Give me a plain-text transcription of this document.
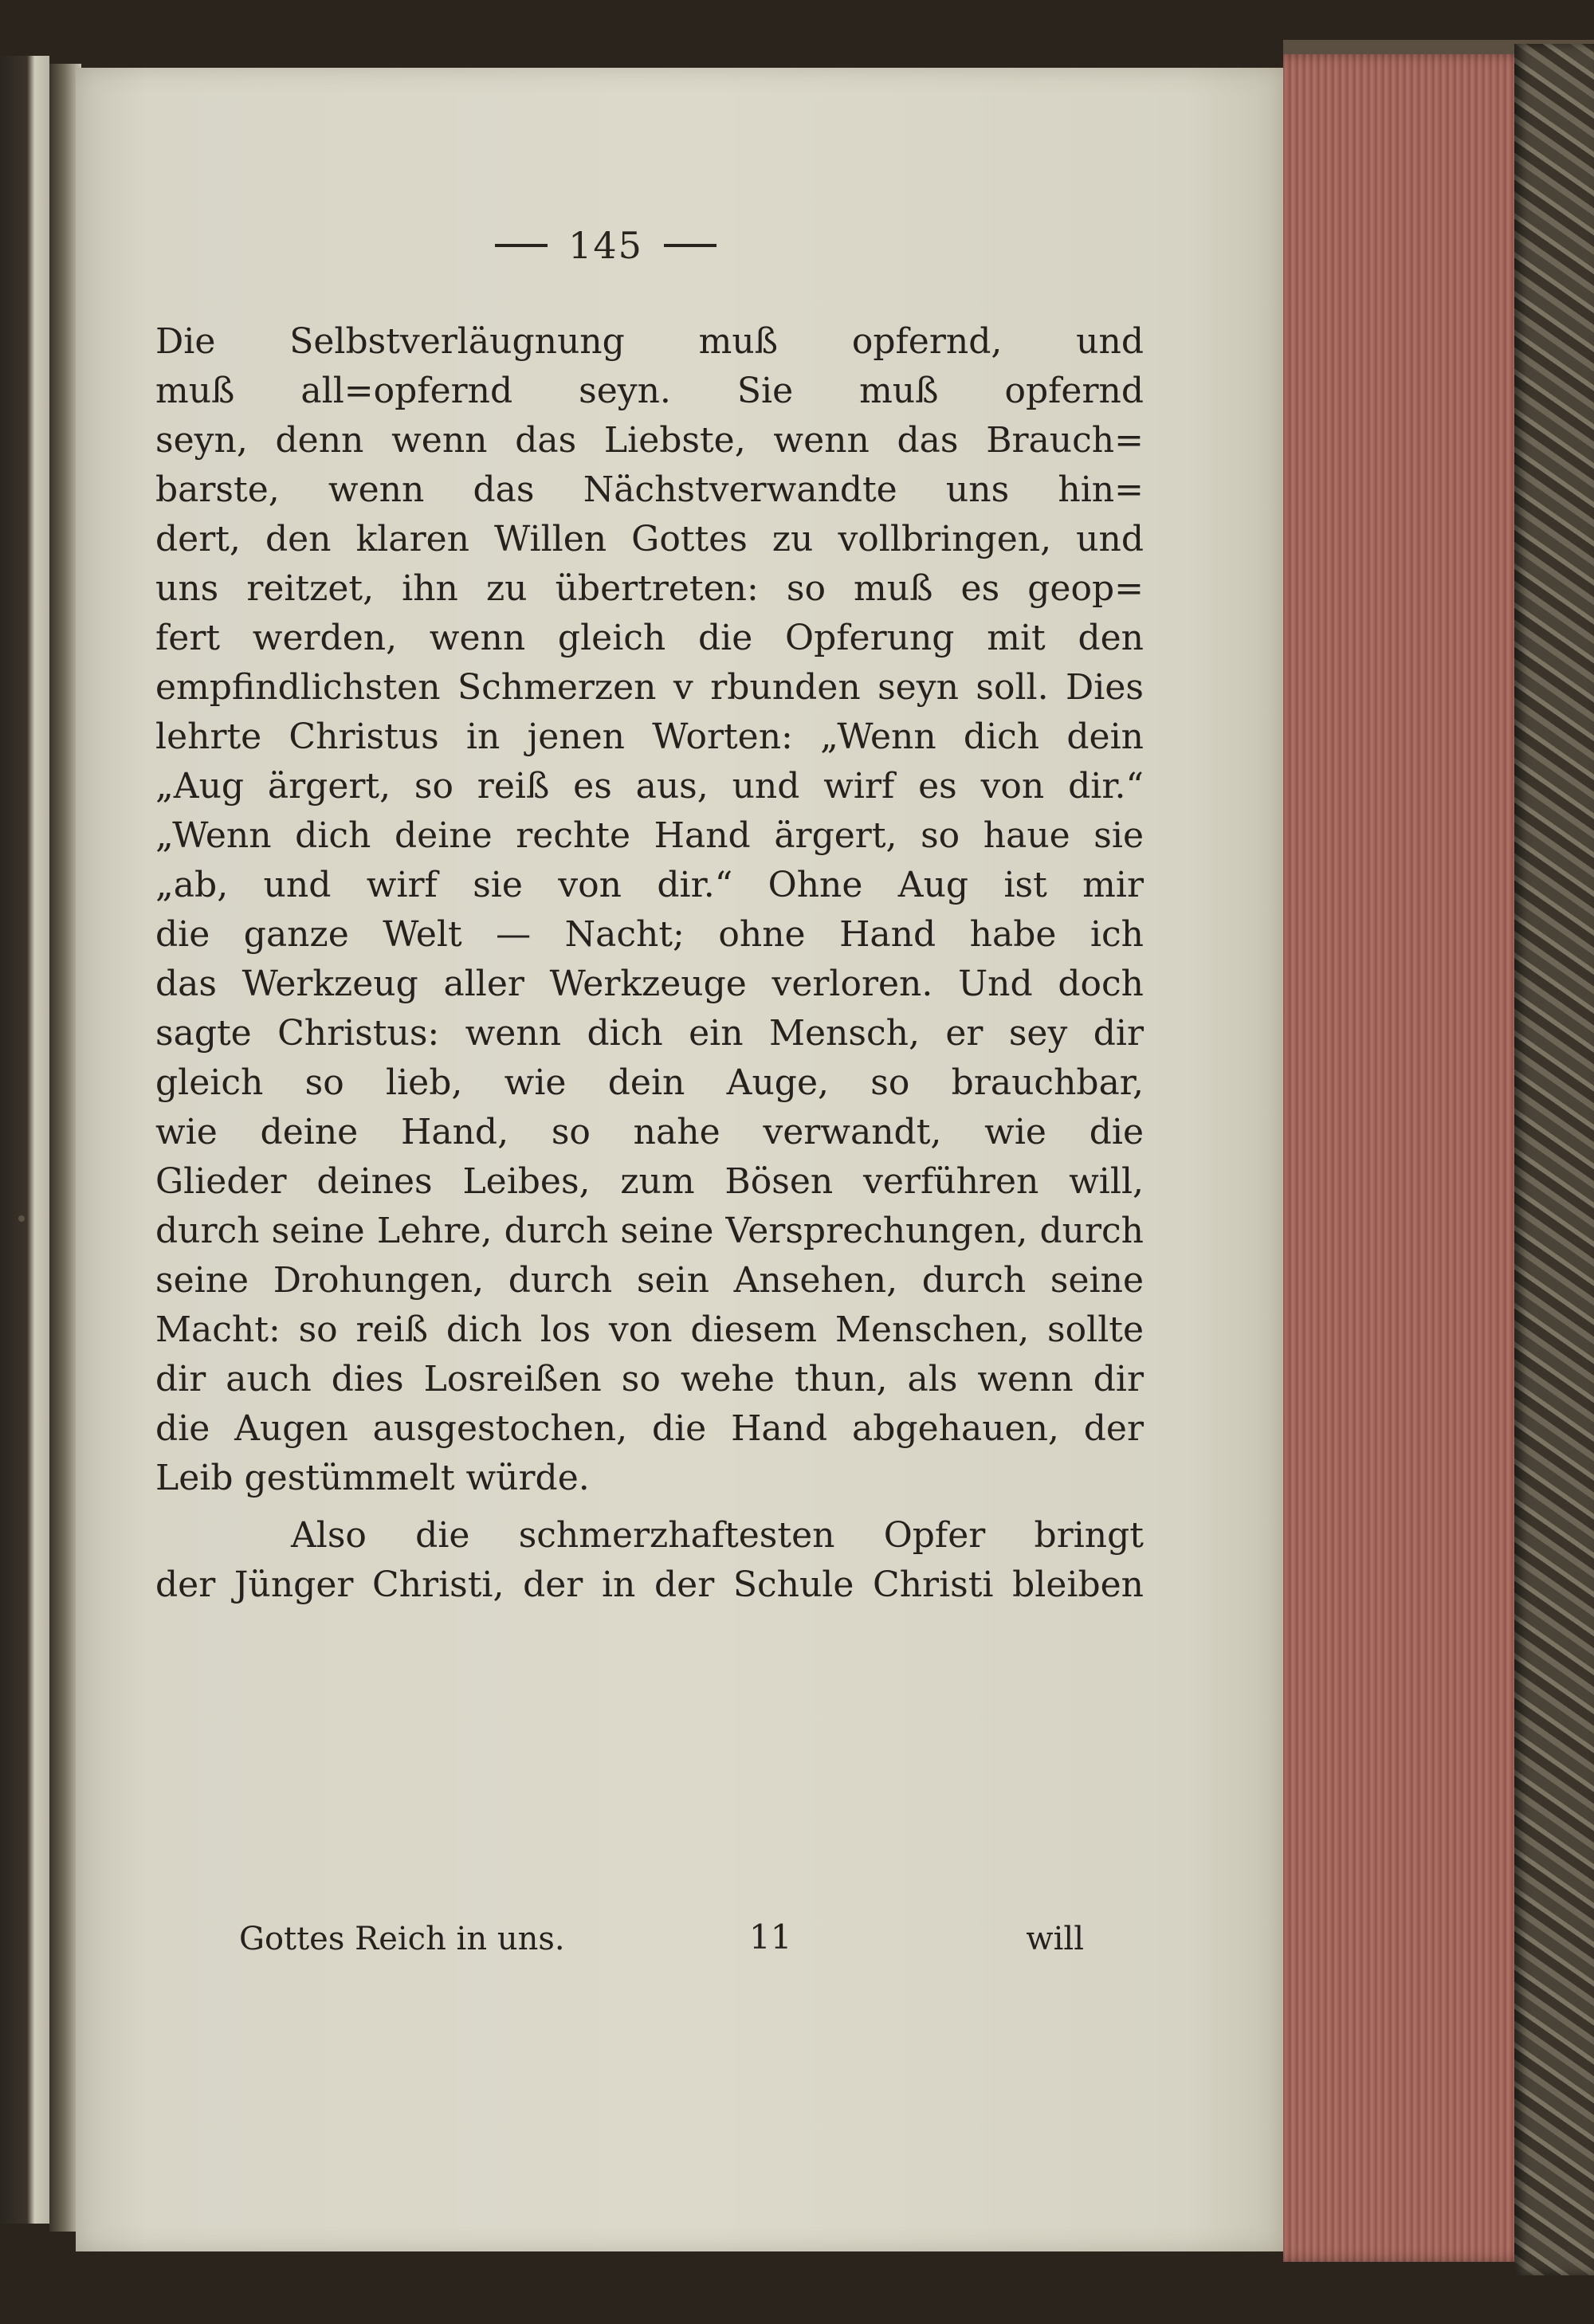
145
Die Selbstverläugnung muß opfernd, und
muß all=opfernd seyn. Sie muß opfernd
seyn, denn wenn das Liebste, wenn das Brauch=
barste, wenn das Nächstverwandte uns hin=
dert, den klaren Willen Gottes zu vollbringen, und
uns reitzet, ihn zu übertreten: so muß es geop=
fert werden, wenn gleich die Opferung mit den
empfindlichsten Schmerzen v rbunden seyn soll. Dies
lehrte Christus in jenen Worten: „Wenn dich dein
„Aug ärgert, so reiß es aus, und wirf es von dir.“
„Wenn dich deine rechte Hand ärgert, so haue sie
„ab, und wirf sie von dir.“ Ohne Aug ist mir
die ganze Welt — Nacht; ohne Hand habe ich
das Werkzeug aller Werkzeuge verloren. Und doch
sagte Christus: wenn dich ein Mensch, er sey dir
gleich so lieb, wie dein Auge, so brauchbar,
wie deine Hand, so nahe verwandt, wie die
Glieder deines Leibes, zum Bösen verführen will,
durch seine Lehre, durch seine Versprechungen, durch
seine Drohungen, durch sein Ansehen, durch seine
Macht: so reiß dich los von diesem Menschen, sollte
dir auch dies Losreißen so wehe thun, als wenn dir
die Augen ausgestochen, die Hand abgehauen, der
Leib gestümmelt würde.
Also die schmerzhaftesten Opfer bringt
der Jünger Christi, der in der Schule Christi bleiben
Gottes Reich in uns.	11	will
